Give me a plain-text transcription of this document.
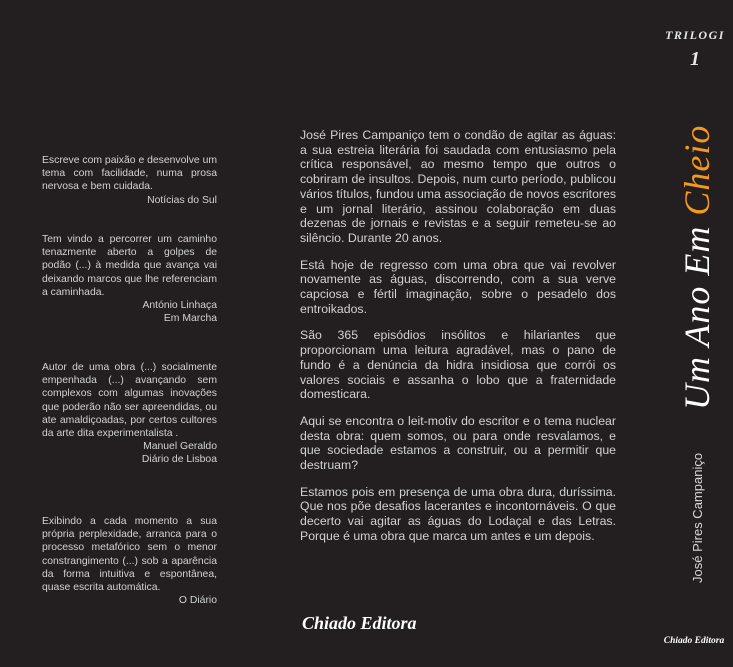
Escreve com paixão e desenvolve um tema com facilidade, numa prosa nervosa e bem cuidada.

Notícias do Sul

Tem vindo a percorrer um caminho tenazmente aberto a golpes de podão (...) à medida que avança vai deixando marcos que lhe referenciam a caminhada.

António Linhaça

Em Marcha

Autor de uma obra (...) socialmente empenhada (...) avançando sem complexos com algumas inovações que poderão não ser apreendidas, ou ate amaldiçoadas, por certos cultores da arte dita experimentalista .

Manuel Geraldo

Diário de Lisboa

Exibindo a cada momento a sua própria perplexidade, arranca para o processo metafórico sem o menor constrangimento (...) sob a aparência da forma intuitiva e espontânea, quase escrita automática.

O Diário

José Pires Campaniço tem o condão de agitar as águas: a sua estreia literária foi saudada com entusiasmo pela crítica responsável, ao mesmo tempo que outros o cobriram de insultos. Depois, num curto período, publicou vários títulos, fundou uma associação de novos escritores e um jornal literário, assinou colaboração em duas dezenas de jornais e revistas e a seguir remeteu-se ao silêncio. Durante 20 anos.

Está hoje de regresso com uma obra que vai revolver novamente as águas, discorrendo, com a sua verve capciosa e fértil imaginação, sobre o pesadelo dos entroikados.

São 365 episódios insólitos e hilariantes que proporcionam uma leitura agradável, mas o pano de fundo é a denúncia da hidra insidiosa que corrói os valores sociais e assanha o lobo que a fraternidade domesticara.

Aqui se encontra o leit-motiv do escritor e o tema nuclear desta obra: quem somos, ou para onde resvalamos, e que sociedade estamos a construir, ou a permitir que destruam?

Estamos pois em presença de uma obra dura, duríssima. Que nos põe desafios lacerantes e incontornáveis. O que decerto vai agitar as águas do Lodaçal e das Letras. Porque é uma obra que marca um antes e um depois.

Chiado Editora
TRILOGI
1
Um Ano Em Cheio
José Pires Campaniço
Chiado Editora
